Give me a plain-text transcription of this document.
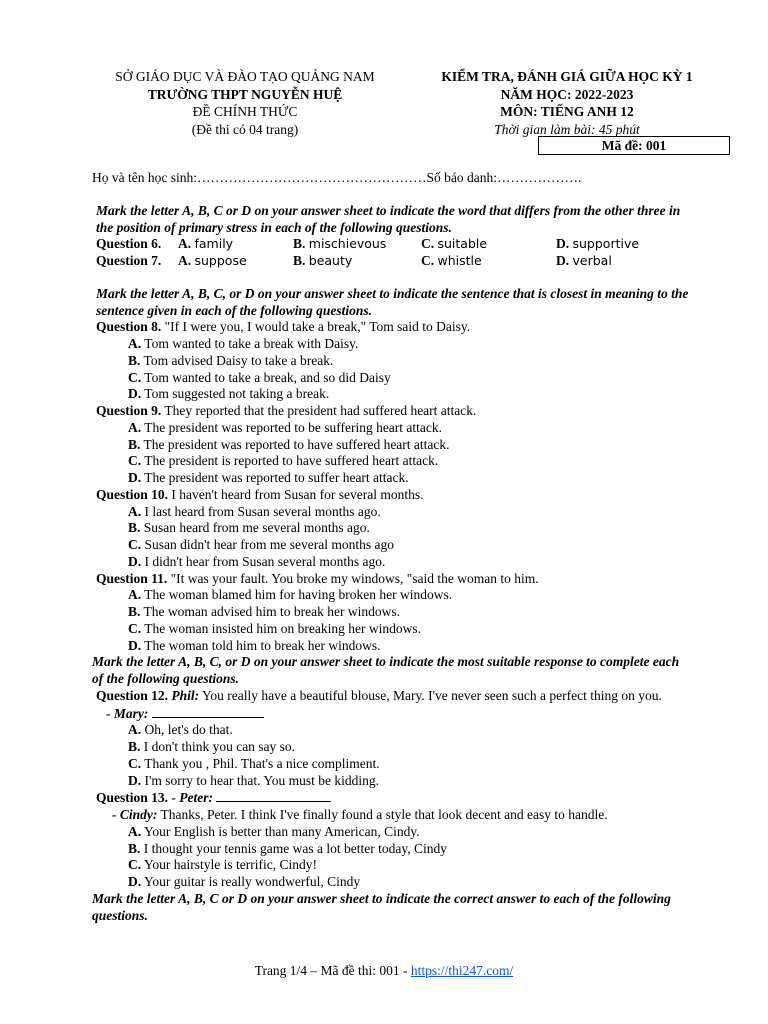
SỞ GIÁO DỤC VÀ ĐÀO TẠO QUẢNG NAM
TRƯỜNG THPT NGUYỄN HUỆ
ĐỀ CHÍNH THỨC
(Đề thi có 04 trang)
KIỂM TRA, ĐÁNH GIÁ GIỮA HỌC KỲ 1
NĂM HỌC: 2022-2023
MÔN: TIẾNG ANH 12
Thời gian làm bài: 45 phút
Mã đề: 001
Họ và tên học sinh:……………………………………………Số báo danh:……………….
Mark the letter A, B, C or D on your answer sheet to indicate the word that differs from the other three in the position of primary stress in each of the following questions.
Question 6.	A. family	B. mischievous	C. suitable	D. supportive
Question 7.	A. suppose	B. beauty	C. whistle	D. verbal
Mark the letter A, B, C, or D on your answer sheet to indicate the sentence that is closest in meaning to the sentence given in each of the following questions.
Question 8. "If I were you, I would take a break," Tom said to Daisy.
A. Tom wanted to take a break with Daisy.
B. Tom advised Daisy to take a break.
C. Tom wanted to take a break, and so did Daisy
D. Tom suggested not taking a break.
Question 9. They reported that the president had suffered heart attack.
A. The president was reported to be suffering heart attack.
B. The president was reported to have suffered heart attack.
C. The president is reported to have suffered heart attack.
D. The president was reported to suffer heart attack.
Question 10. I haven't heard from Susan for several months.
A. I last heard from Susan several months ago.
B. Susan heard from me several months ago.
C. Susan didn't hear from me several months ago
D. I didn't hear from Susan several months ago.
Question 11. "It was your fault. You broke my windows, "said the woman to him.
A. The woman blamed him for having broken her windows.
B. The woman advised him to break her windows.
C. The woman insisted him on breaking her windows.
D. The woman told him to break her windows.
Mark the letter A, B, C, or D on your answer sheet to indicate the most suitable response to complete each of the following questions.
Question 12. Phil: You really have a beautiful blouse, Mary. I've never seen such a perfect thing on you.
- Mary:
A. Oh, let's do that.
B. I don't think you can say so.
C. Thank you , Phil. That's a nice compliment.
D. I'm sorry to hear that. You must be kidding.
Question 13. - Peter:
- Cindy: Thanks, Peter. I think I've finally found a style that look decent and easy to handle.
A. Your English is better than many American, Cindy.
B. I thought your tennis game was a lot better today, Cindy
C. Your hairstyle is terrific, Cindy!
D. Your guitar is really wondwerful, Cindy
Mark the letter A, B, C or D on your answer sheet to indicate the correct answer to each of the following questions.
Trang 1/4 – Mã đề thi: 001 - https://thi247.com/
